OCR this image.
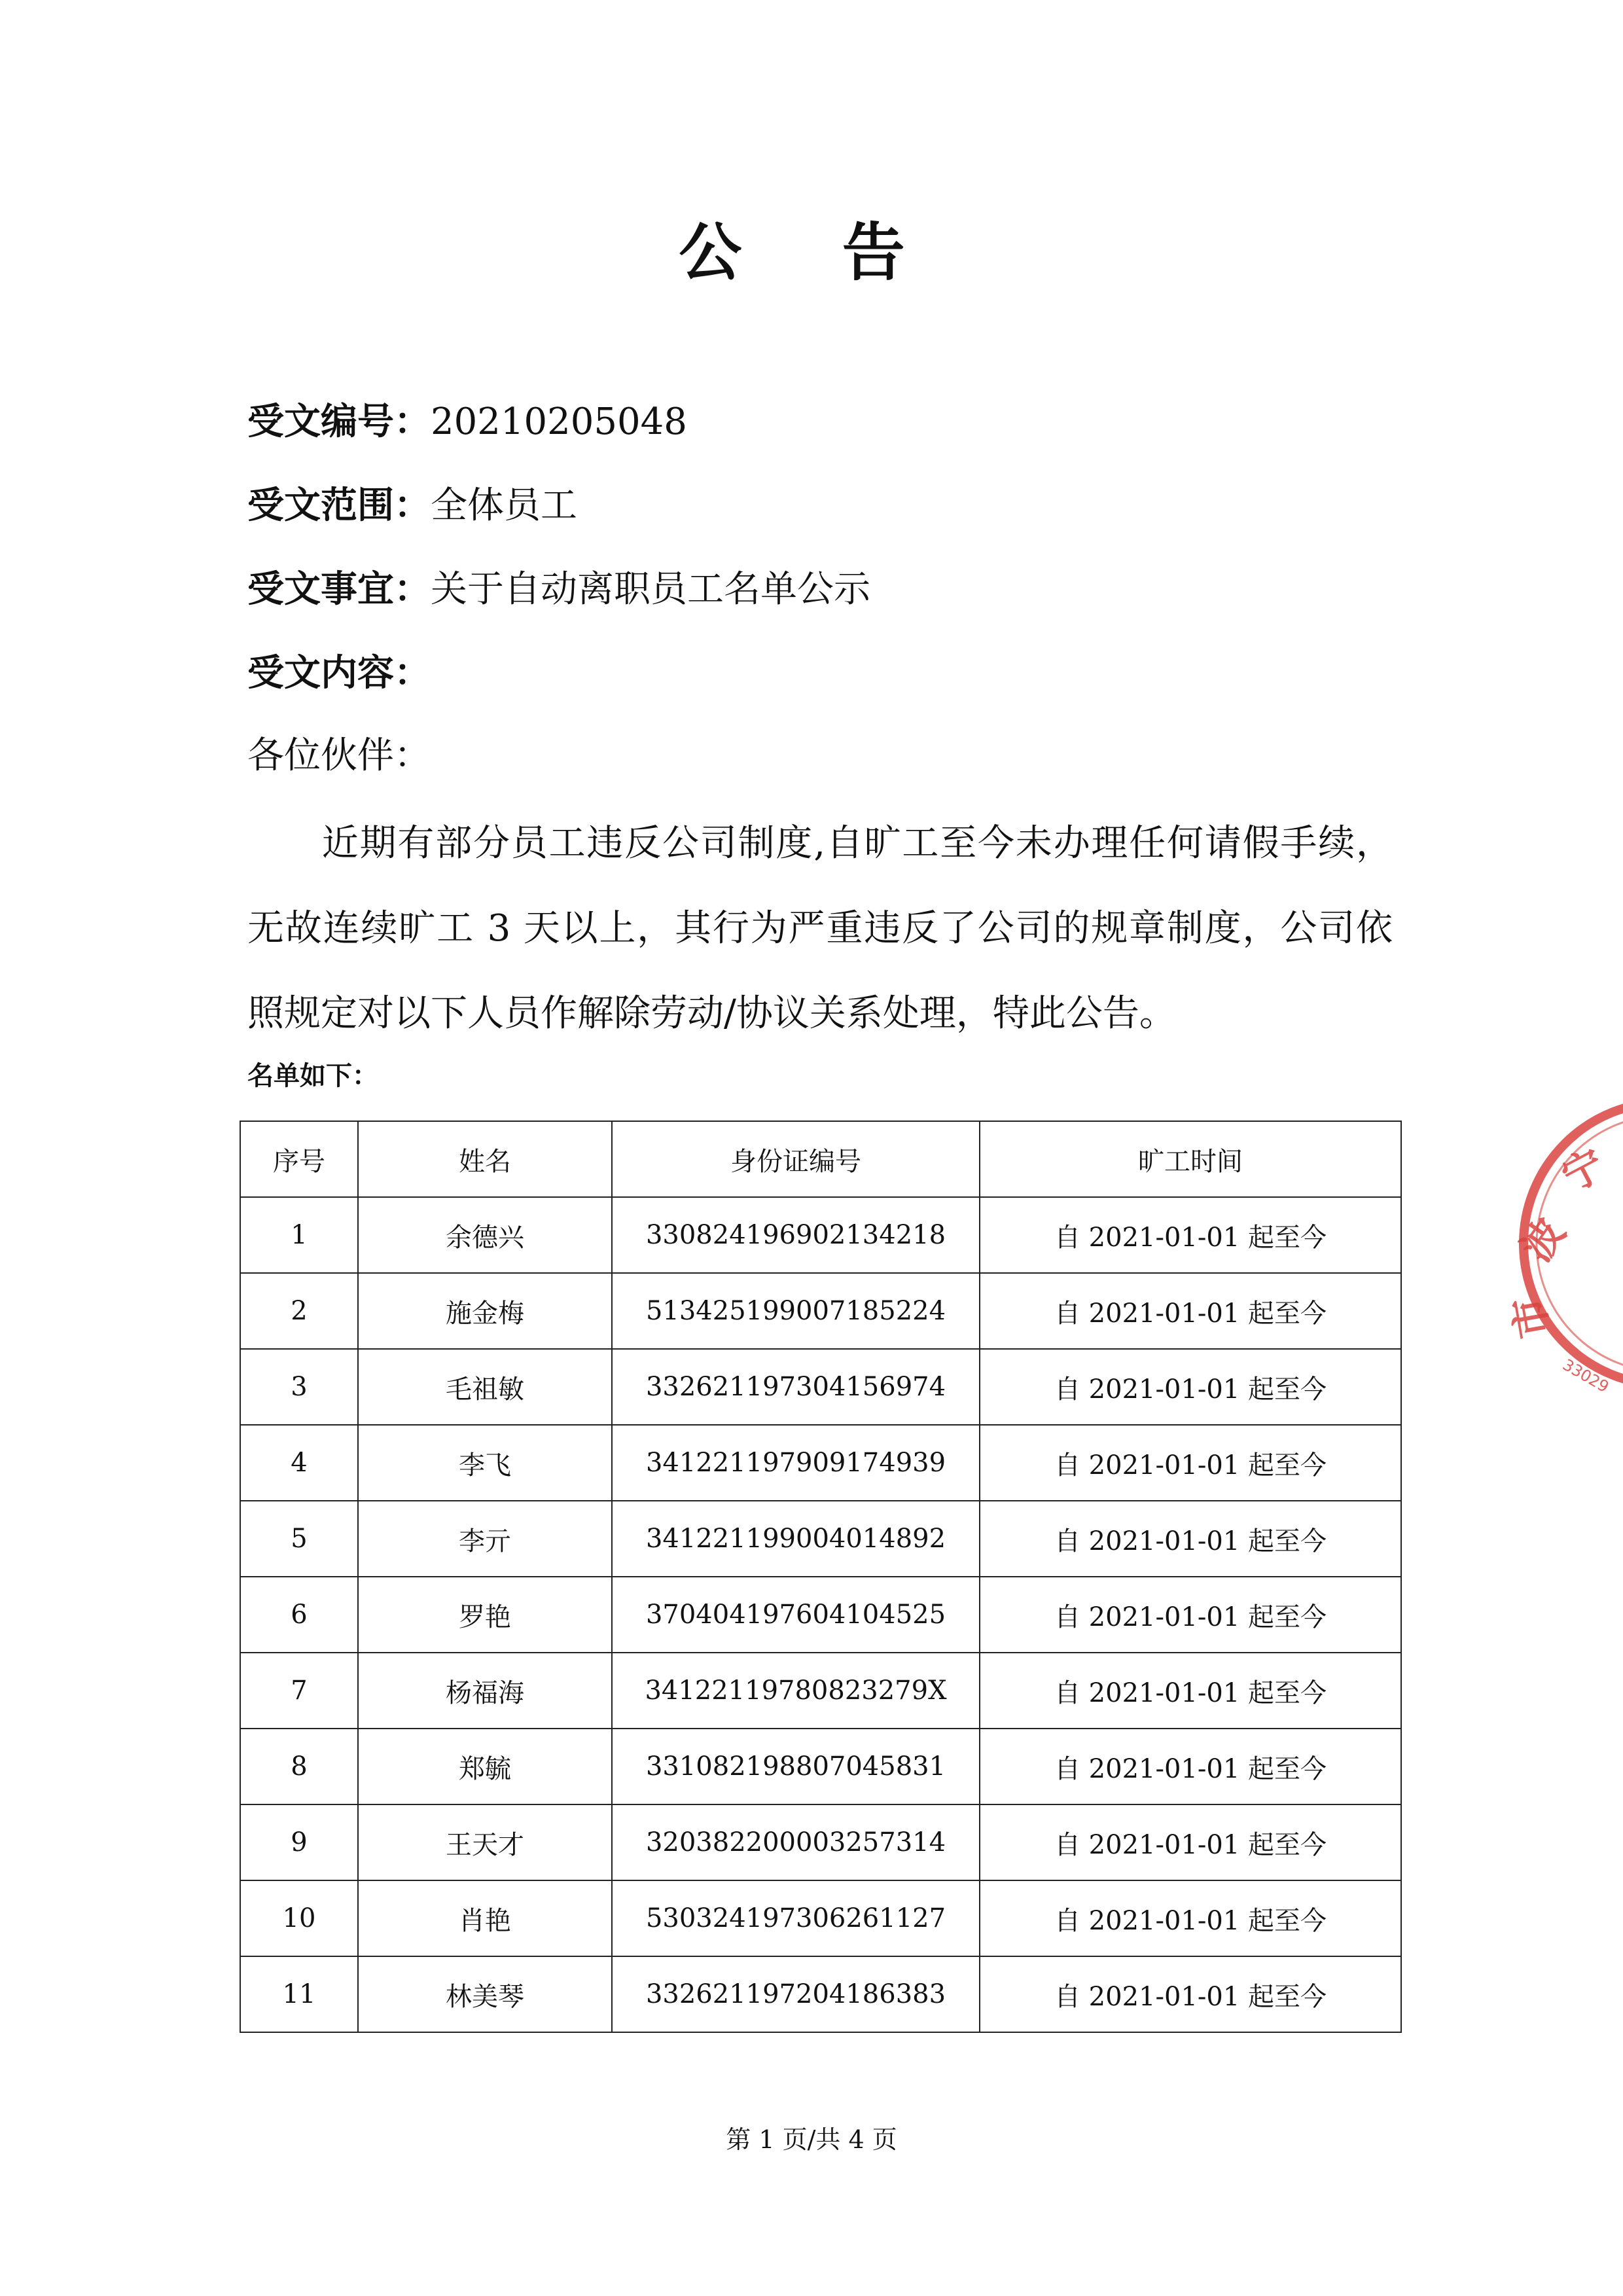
公 告
受文编号：20210205048
受文范围：全体员工
受文事宜：关于自动离职员工名单公示
受文内容：
各位伙伴：
近期有部分员工违反公司制度,自旷工至今未办理任何请假手续，无故连续旷工 3 天以上，其行为严重违反了公司的规章制度，公司依照规定对以下人员作解除劳动/协议关系处理，特此公告。
名单如下：
序号	姓名	身份证编号	旷工时间
1	余德兴	330824196902134218	自 2021-01-01 起至今
2	施金梅	513425199007185224	自 2021-01-01 起至今
3	毛祖敏	332621197304156974	自 2021-01-01 起至今
4	李飞	341221197909174939	自 2021-01-01 起至今
5	李亓	341221199004014892	自 2021-01-01 起至今
6	罗艳	370404197604104525	自 2021-01-01 起至今
7	杨福海	34122119780823279X	自 2021-01-01 起至今
8	郑毓	331082198807045831	自 2021-01-01 起至今
9	王天才	320382200003257314	自 2021-01-01 起至今
10	肖艳	530324197306261127	自 2021-01-01 起至今
11	林美琴	332621197204186383	自 2021-01-01 起至今
宁
波
市
33029
第 1 页/共 4 页
